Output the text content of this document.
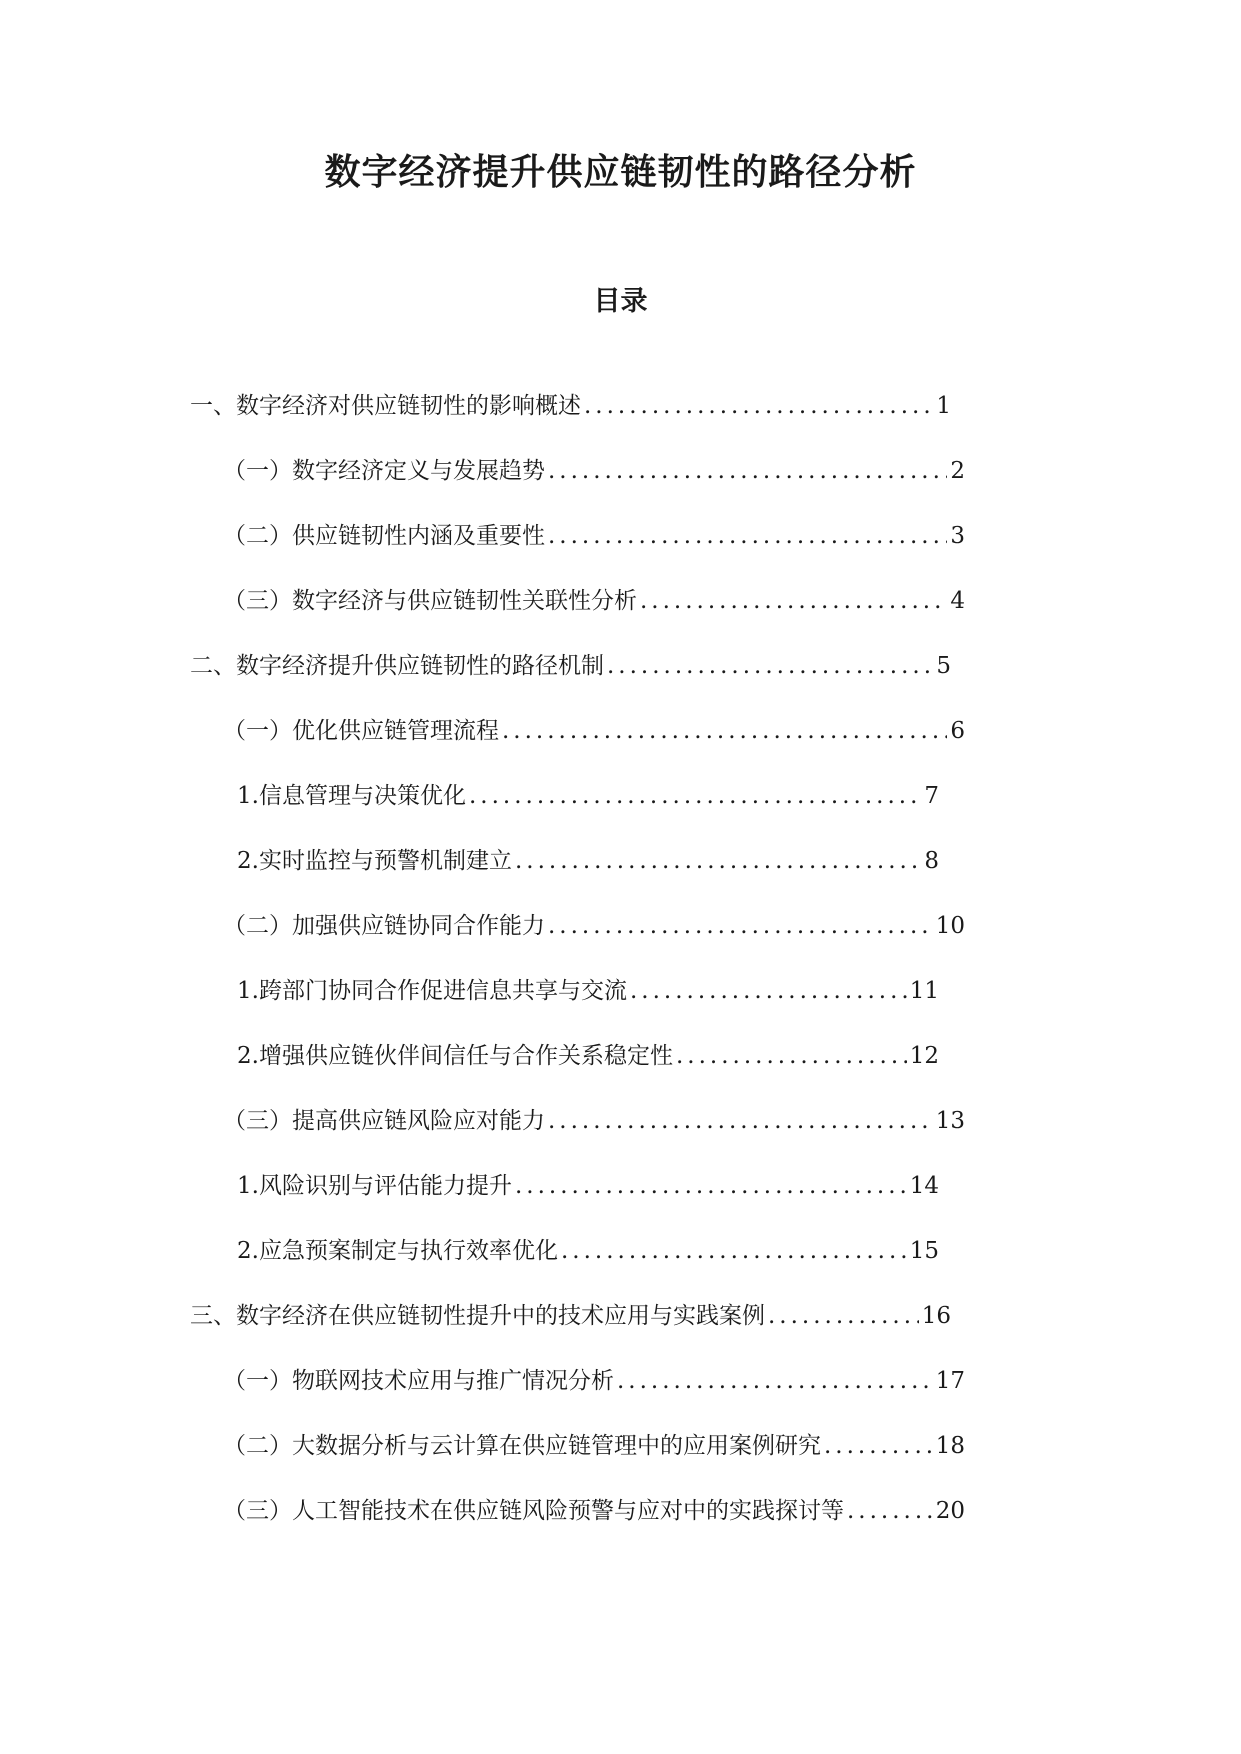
数字经济提升供应链韧性的路径分析
目录
一、数字经济对供应链韧性的影响概述 .....	1
（一）数字经济定义与发展趋势 .....	2
（二）供应链韧性内涵及重要性 .....	3
（三）数字经济与供应链韧性关联性分析 .....	4
二、数字经济提升供应链韧性的路径机制 .....	5
（一）优化供应链管理流程 .....	6
1. 信息管理与决策优化 .....	7
2. 实时监控与预警机制建立 .....	8
（二）加强供应链协同合作能力 .....	10
1. 跨部门协同合作促进信息共享与交流 .....	11
2. 增强供应链伙伴间信任与合作关系稳定性 .....	12
（三）提高供应链风险应对能力 .....	13
1. 风险识别与评估能力提升 .....	14
2. 应急预案制定与执行效率优化 .....	15
三、数字经济在供应链韧性提升中的技术应用与实践案例 .....	16
（一）物联网技术应用与推广情况分析 .....	17
（二）大数据分析与云计算在供应链管理中的应用案例研究 .....	18
（三）人工智能技术在供应链风险预警与应对中的实践探讨等 .....	20
